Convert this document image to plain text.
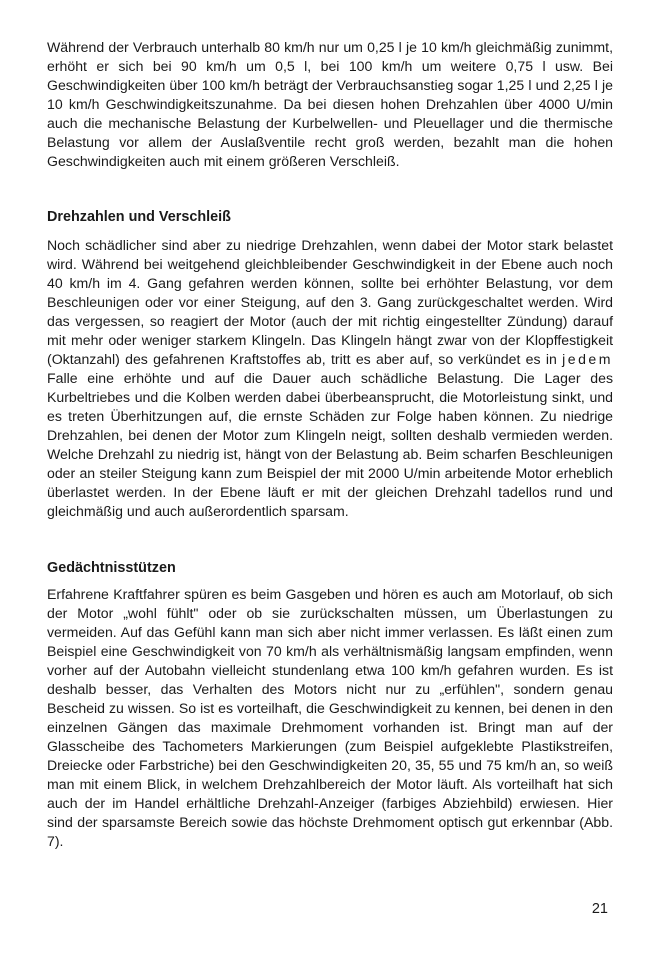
Während der Verbrauch unterhalb 80 km/h nur um 0,25 l je 10 km/h gleichmäßig zunimmt, erhöht er sich bei 90 km/h um 0,5 l, bei 100 km/h um weitere 0,75 l usw. Bei Geschwindigkeiten über 100 km/h beträgt der Verbrauchsanstieg sogar 1,25 l und 2,25 l je 10 km/h Geschwindigkeitszunahme. Da bei diesen hohen Drehzahlen über 4000 U/min auch die mechanische Belastung der Kurbelwellen- und Pleuellager und die thermische Belastung vor allem der Auslaßventile recht groß werden, bezahlt man die hohen Geschwindigkeiten auch mit einem größeren Verschleiß.

Drehzahlen und Verschleiß

Noch schädlicher sind aber zu niedrige Drehzahlen, wenn dabei der Motor stark belastet wird. Während bei weitgehend gleichbleibender Geschwindigkeit in der Ebene auch noch 40 km/h im 4. Gang gefahren werden können, sollte bei erhöhter Belastung, vor dem Beschleunigen oder vor einer Steigung, auf den 3. Gang zurückgeschaltet werden. Wird das vergessen, so reagiert der Motor (auch der mit richtig eingestellter Zündung) darauf mit mehr oder weniger starkem Klingeln. Das Klingeln hängt zwar von der Klopffestigkeit (Oktanzahl) des gefahrenen Kraftstoffes ab, tritt es aber auf, so verkündet es in jedem Falle eine erhöhte und auf die Dauer auch schädliche Belastung. Die Lager des Kurbeltriebes und die Kolben werden dabei überbeansprucht, die Motorleistung sinkt, und es treten Überhitzungen auf, die ernste Schäden zur Folge haben können. Zu niedrige Drehzahlen, bei denen der Motor zum Klingeln neigt, sollten deshalb vermieden werden. Welche Drehzahl zu niedrig ist, hängt von der Belastung ab. Beim scharfen Beschleunigen oder an steiler Steigung kann zum Beispiel der mit 2000 U/min arbeitende Motor erheblich überlastet werden. In der Ebene läuft er mit der gleichen Drehzahl tadellos rund und gleichmäßig und auch außerordentlich sparsam.

Gedächtnisstützen

Erfahrene Kraftfahrer spüren es beim Gasgeben und hören es auch am Motorlauf, ob sich der Motor „wohl fühlt" oder ob sie zurückschalten müssen, um Überlastungen zu vermeiden. Auf das Gefühl kann man sich aber nicht immer verlassen. Es läßt einen zum Beispiel eine Geschwindigkeit von 70 km/h als verhältnismäßig langsam empfinden, wenn vorher auf der Autobahn vielleicht stundenlang etwa 100 km/h gefahren wurden. Es ist deshalb besser, das Verhalten des Motors nicht nur zu „erfühlen", sondern genau Bescheid zu wissen. So ist es vorteilhaft, die Geschwindigkeit zu kennen, bei denen in den einzelnen Gängen das maximale Drehmoment vorhanden ist. Bringt man auf der Glasscheibe des Tachometers Markierungen (zum Beispiel aufgeklebte Plastikstreifen, Dreiecke oder Farbstriche) bei den Geschwindigkeiten 20, 35, 55 und 75 km/h an, so weiß man mit einem Blick, in welchem Drehzahlbereich der Motor läuft. Als vorteilhaft hat sich auch der im Handel erhältliche Drehzahl-Anzeiger (farbiges Abziehbild) erwiesen. Hier sind der sparsamste Bereich sowie das höchste Drehmoment optisch gut erkennbar (Abb. 7).

21
